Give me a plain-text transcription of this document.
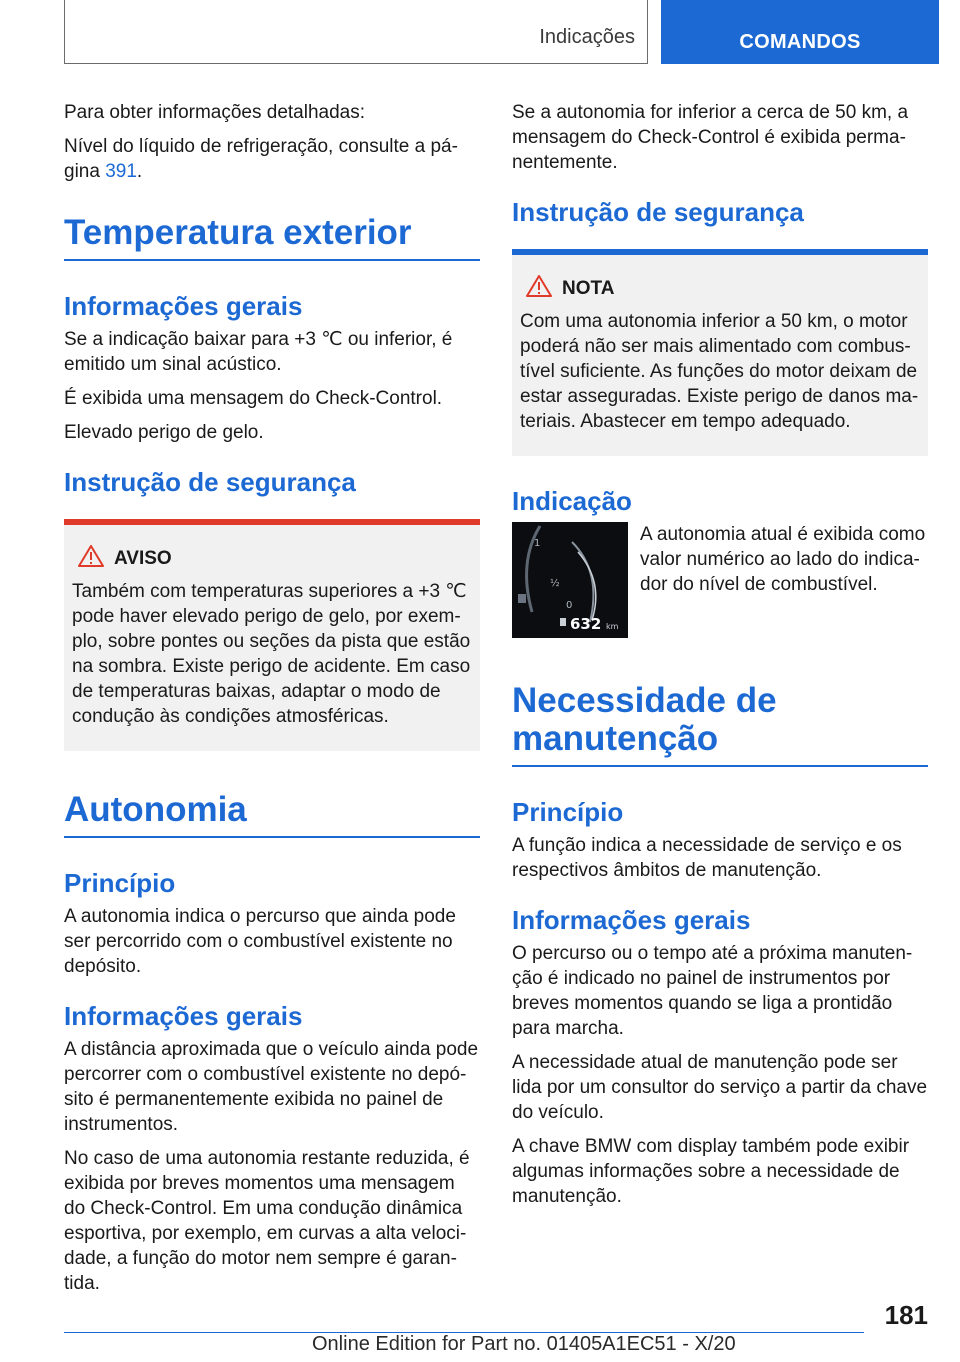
Indicações	COMANDOS

Para obter informações detalhadas:

Nível do líquido de refrigeração, consulte a pá-gina 391.

Temperatura exterior
Informações gerais

Se a indicação baixar para +3 ℃ ou inferior, é emitido um sinal acústico.

É exibida uma mensagem do Check-Control.

Elevado perigo de gelo.

Instrução de segurança
AVISO

Também com temperaturas superiores a +3 ℃ pode haver elevado perigo de gelo, por exem-plo, sobre pontes ou seções da pista que estão na sombra. Existe perigo de acidente. Em caso de temperaturas baixas, adaptar o modo de condução às condições atmosféricas.

Autonomia
Princípio

A autonomia indica o percurso que ainda pode ser percorrido com o combustível existente no depósito.

Informações gerais

A distância aproximada que o veículo ainda pode percorrer com o combustível existente no depó-sito é permanentemente exibida no painel de instrumentos.

No caso de uma autonomia restante reduzida, é exibida por breves momentos uma mensagem do Check-Control. Em uma condução dinâmica esportiva, por exemplo, em curvas a alta veloci-dade, a função do motor nem sempre é garan-tida.

Se a autonomia for inferior a cerca de 50 km, a mensagem do Check-Control é exibida perma-nentemente.

Instrução de segurança
NOTA

Com uma autonomia inferior a 50 km, o motor poderá não ser mais alimentado com combus-tível suficiente. As funções do motor deixam de estar asseguradas. Existe perigo de danos ma-teriais. Abastecer em tempo adequado.

Indicação
1
½
0
632 km
A autonomia atual é exibida como valor numérico ao lado do indica-dor do nível de combustível.
Necessidade de manutenção
Princípio

A função indica a necessidade de serviço e os respectivos âmbitos de manutenção.

Informações gerais

O percurso ou o tempo até a próxima manuten-ção é indicado no painel de instrumentos por breves momentos quando se liga a prontidão para marcha.

A necessidade atual de manutenção pode ser lida por um consultor do serviço a partir da chave do veículo.

A chave BMW com display também pode exibir algumas informações sobre a necessidade de manutenção.

181
Online Edition for Part no. 01405A1EC51 - X/20
